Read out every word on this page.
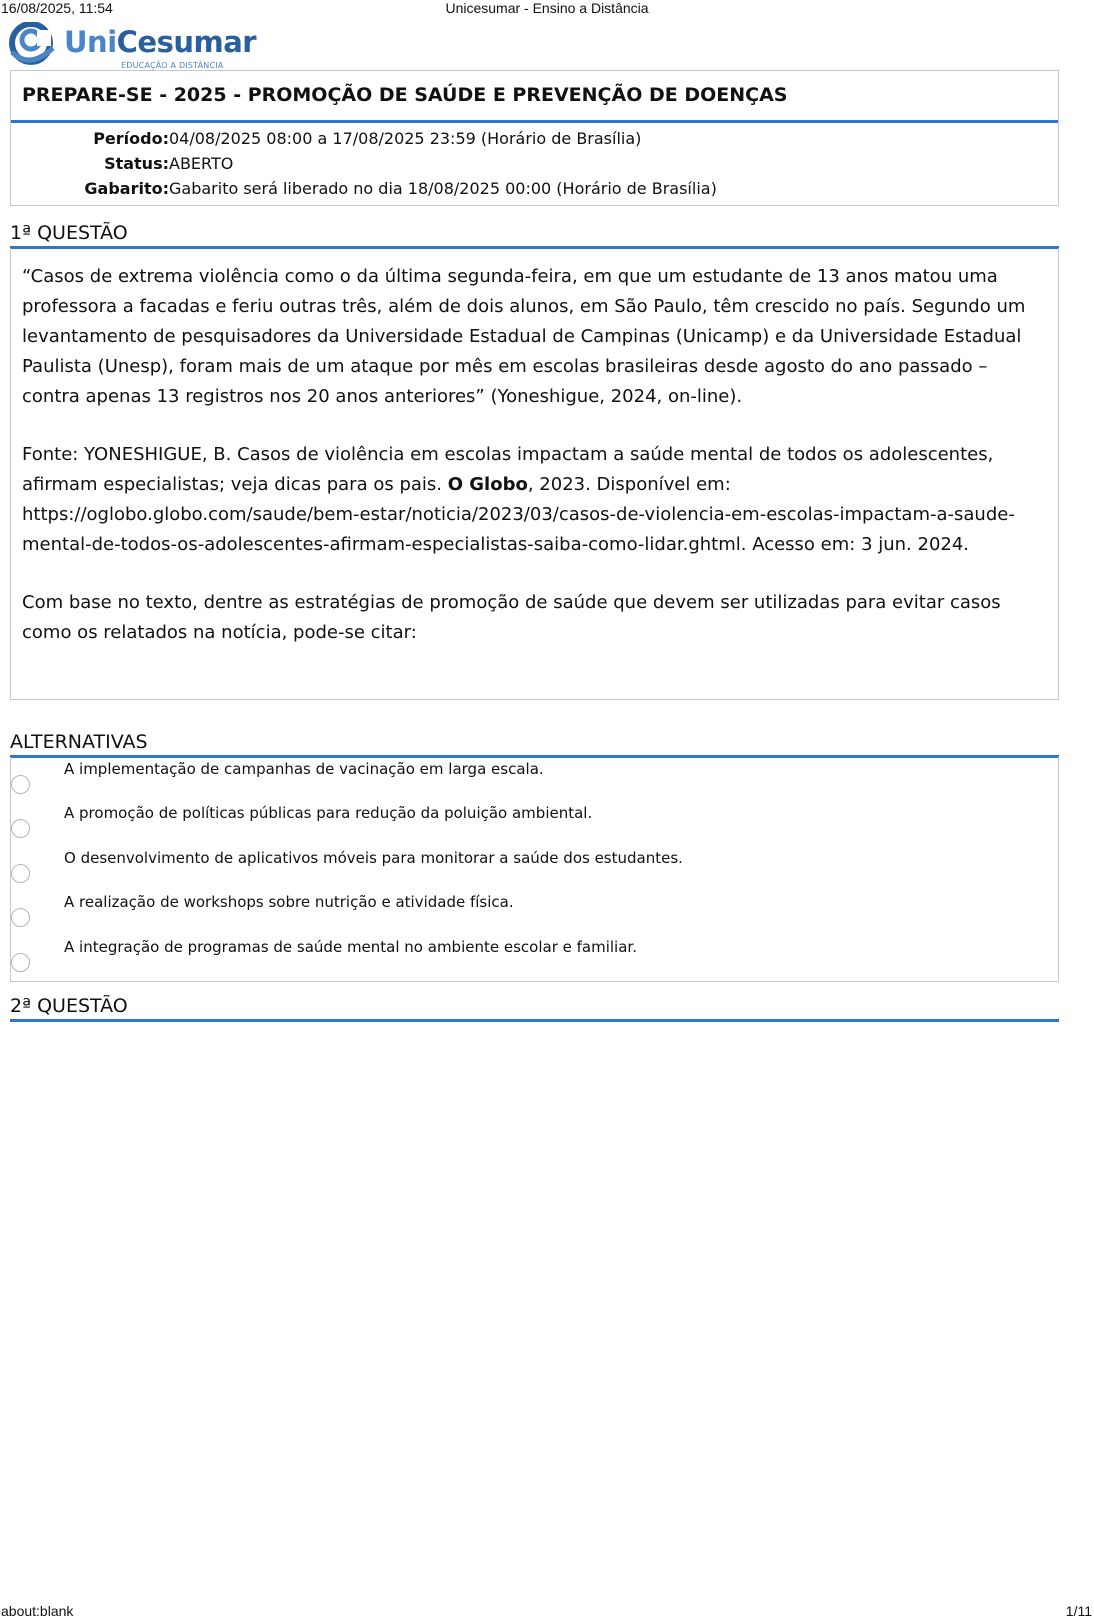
16/08/2025, 11:54	Unicesumar - Ensino a Distância
UniCesumar
EDUCAÇÃO A DISTÂNCIA
PREPARE-SE - 2025 - PROMOÇÃO DE SAÚDE E PREVENÇÃO DE DOENÇAS
Período: 04/08/2025 08:00 a 17/08/2025 23:59 (Horário de Brasília)
Status: ABERTO
Gabarito: Gabarito será liberado no dia 18/08/2025 00:00 (Horário de Brasília)
1ª QUESTÃO

“Casos de extrema violência como o da última segunda-feira, em que um estudante de 13 anos matou uma professora a facadas e feriu outras três, além de dois alunos, em São Paulo, têm crescido no país. Segundo um levantamento de pesquisadores da Universidade Estadual de Campinas (Unicamp) e da Universidade Estadual Paulista (Unesp), foram mais de um ataque por mês em escolas brasileiras desde agosto do ano passado – contra apenas 13 registros nos 20 anos anteriores” (Yoneshigue, 2024, on-line).

Fonte: YONESHIGUE, B. Casos de violência em escolas impactam a saúde mental de todos os adolescentes, afirmam especialistas; veja dicas para os pais. O Globo, 2023. Disponível em: https://oglobo.globo.com/saude/bem-estar/noticia/2023/03/casos-de-violencia-em-escolas-impactam-a-saude-mental-de-todos-os-adolescentes-afirmam-especialistas-saiba-como-lidar.ghtml. Acesso em: 3 jun. 2024.

Com base no texto, dentre as estratégias de promoção de saúde que devem ser utilizadas para evitar casos como os relatados na notícia, pode-se citar:

ALTERNATIVAS
A implementação de campanhas de vacinação em larga escala.
A promoção de políticas públicas para redução da poluição ambiental.
O desenvolvimento de aplicativos móveis para monitorar a saúde dos estudantes.
A realização de workshops sobre nutrição e atividade física.
A integração de programas de saúde mental no ambiente escolar e familiar.
2ª QUESTÃO
about:blank	1/11
